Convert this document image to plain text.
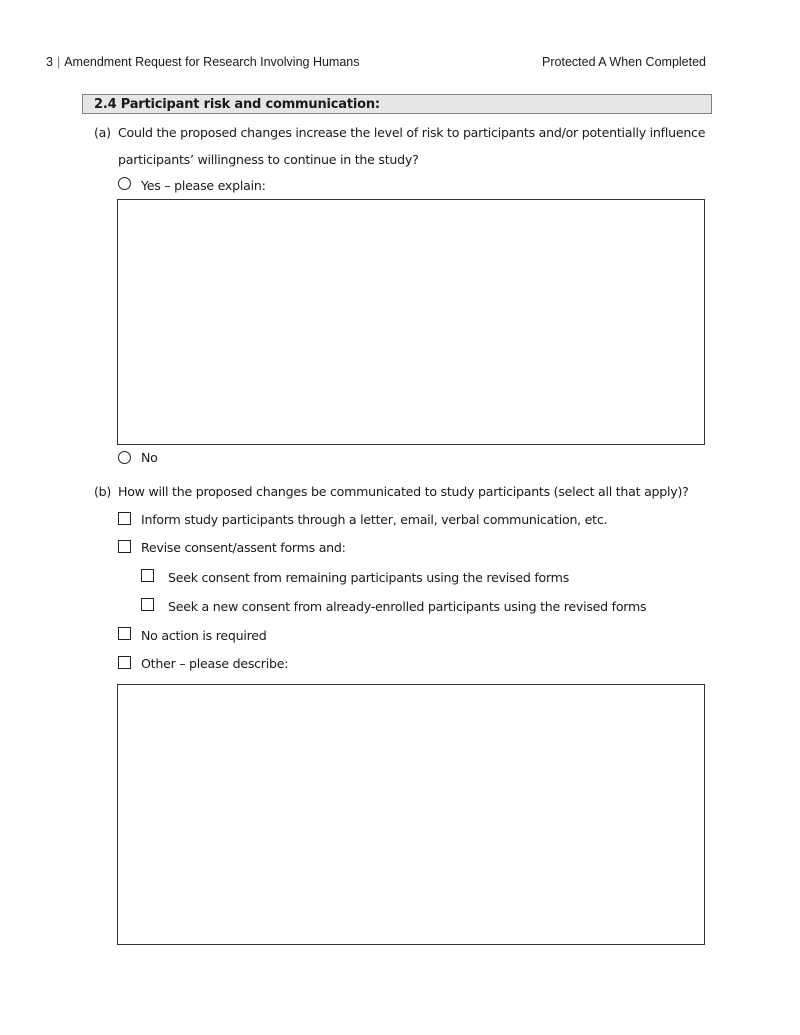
3 | Amendment Request for Research Involving Humans	Protected A When Completed
2.4 Participant risk and communication:
(a) Could the proposed changes increase the level of risk to participants and/or potentially influence
participants’ willingness to continue in the study?
Yes – please explain:
No
(b) How will the proposed changes be communicated to study participants (select all that apply)?
Inform study participants through a letter, email, verbal communication, etc.
Revise consent/assent forms and:
Seek consent from remaining participants using the revised forms
Seek a new consent from already-enrolled participants using the revised forms
No action is required
Other – please describe:
